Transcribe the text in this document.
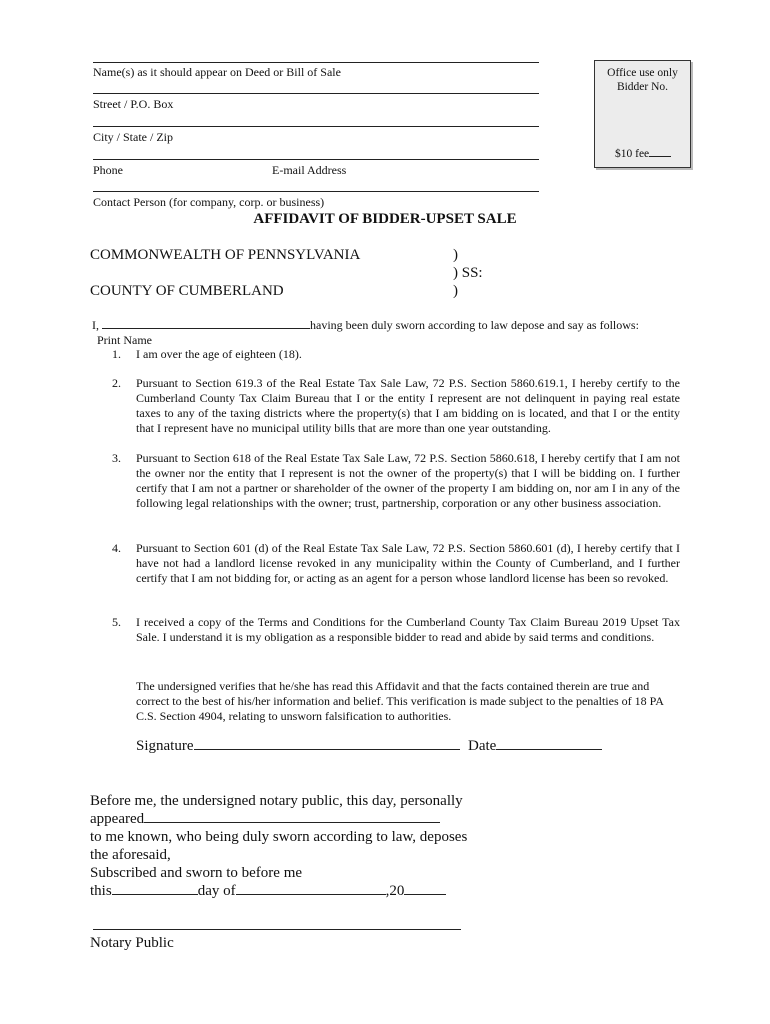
Name(s) as it should appear on Deed or Bill of Sale
Street / P.O. Box
City / State / Zip
Phone	E-mail Address
Contact Person (for company, corp. or business)
Office use only
Bidder No.
$10 fee
AFFIDAVIT OF BIDDER-UPSET SALE
COMMONWEALTH OF PENNSYLVANIA	)
) SS:
COUNTY OF CUMBERLAND	)
I,	having been duly sworn according to law depose and say as follows:
Print Name
1. I am over the age of eighteen (18).
2. Pursuant to Section 619.3 of the Real Estate Tax Sale Law, 72 P.S. Section 5860.619.1, I hereby certify to the Cumberland County Tax Claim Bureau that I or the entity I represent are not delinquent in paying real estate taxes to any of the taxing districts where the property(s) that I am bidding on is located, and that I or the entity that I represent have no municipal utility bills that are more than one year outstanding.
3. Pursuant to Section 618 of the Real Estate Tax Sale Law, 72 P.S. Section 5860.618, I hereby certify that I am not the owner nor the entity that I represent is not the owner of the property(s) that I will be bidding on. I further certify that I am not a partner or shareholder of the owner of the property I am bidding on, nor am I in any of the following legal relationships with the owner; trust, partnership, corporation or any other business association.
4. Pursuant to Section 601 (d) of the Real Estate Tax Sale Law, 72 P.S. Section 5860.601 (d), I hereby certify that I have not had a landlord license revoked in any municipality within the County of Cumberland, and I further certify that I am not bidding for, or acting as an agent for a person whose landlord license has been so revoked.
5. I received a copy of the Terms and Conditions for the Cumberland County Tax Claim Bureau 2019 Upset Tax Sale. I understand it is my obligation as a responsible bidder to read and abide by said terms and conditions.
The undersigned verifies that he/she has read this Affidavit and that the facts contained therein are true and correct to the best of his/her information and belief. This verification is made subject to the penalties of 18 PA C.S. Section 4904, relating to unsworn falsification to authorities.
Signature	Date
Before me, the undersigned notary public, this day, personally
appeared
to me known, who being duly sworn according to law, deposes
the aforesaid,
Subscribed and sworn to before me
this	day of	,20
Notary Public
